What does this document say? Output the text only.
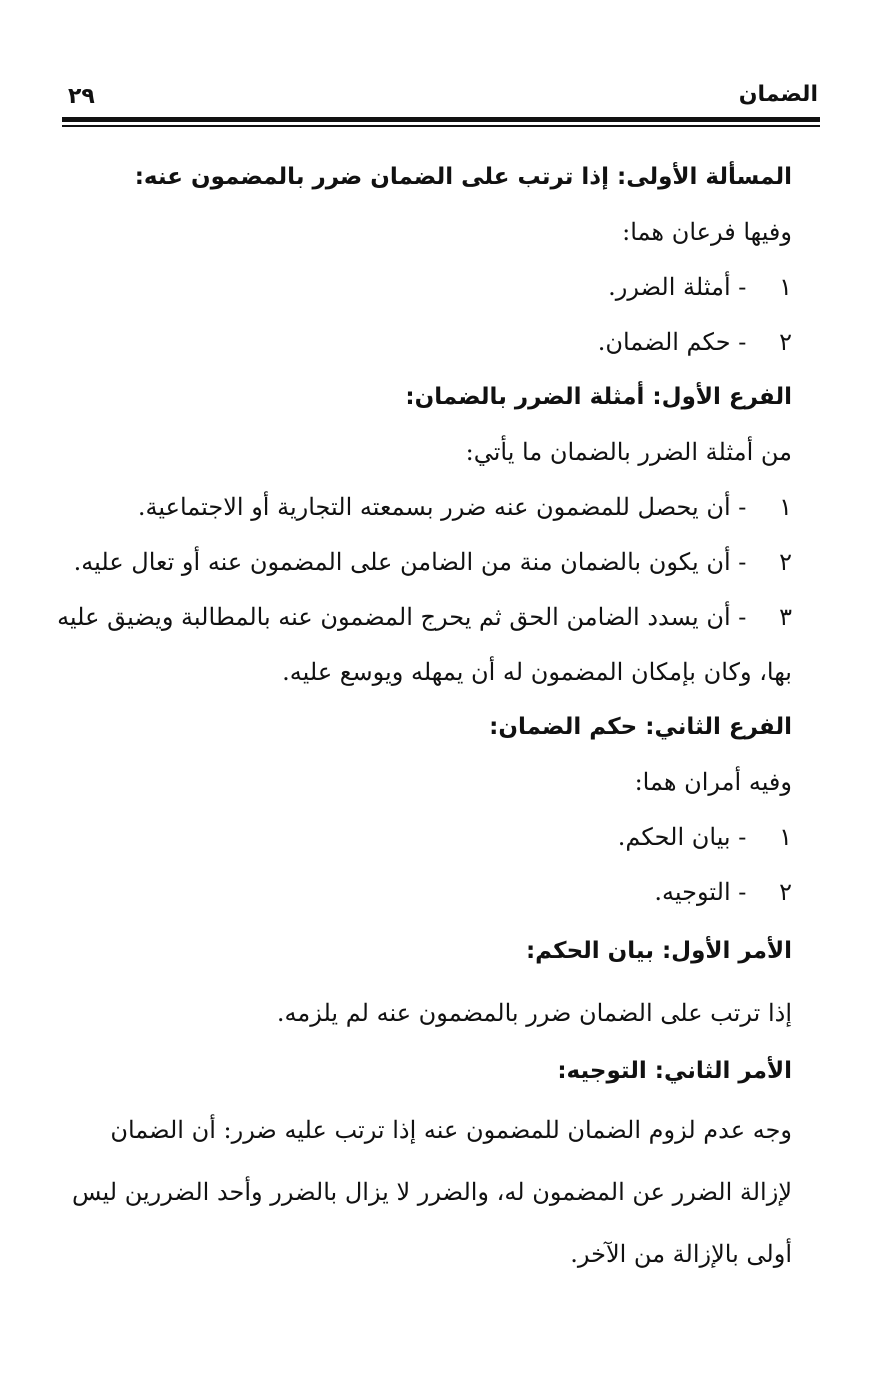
٢٩	الضمان
المسألة الأولى: إذا ترتب على الضمان ضرر بالمضمون عنه:
وفيها فرعان هما:
١ - أمثلة الضرر.
٢ - حكم الضمان.
الفرع الأول: أمثلة الضرر بالضمان:
من أمثلة الضرر بالضمان ما يأتي:
١ - أن يحصل للمضمون عنه ضرر بسمعته التجارية أو الاجتماعية.
٢ - أن يكون بالضمان منة من الضامن على المضمون عنه أو تعال عليه.
٣ - أن يسدد الضامن الحق ثم يحرج المضمون عنه بالمطالبة ويضيق عليه
بها، وكان بإمكان المضمون له أن يمهله ويوسع عليه.
الفرع الثاني: حكم الضمان:
وفيه أمران هما:
١ - بيان الحكم.
٢ - التوجيه.
الأمر الأول: بيان الحكم:
إذا ترتب على الضمان ضرر بالمضمون عنه لم يلزمه.
الأمر الثاني: التوجيه:
وجه عدم لزوم الضمان للمضمون عنه إذا ترتب عليه ضرر: أن الضمان
لإزالة الضرر عن المضمون له، والضرر لا يزال بالضرر وأحد الضررين ليس
أولى بالإزالة من الآخر.
